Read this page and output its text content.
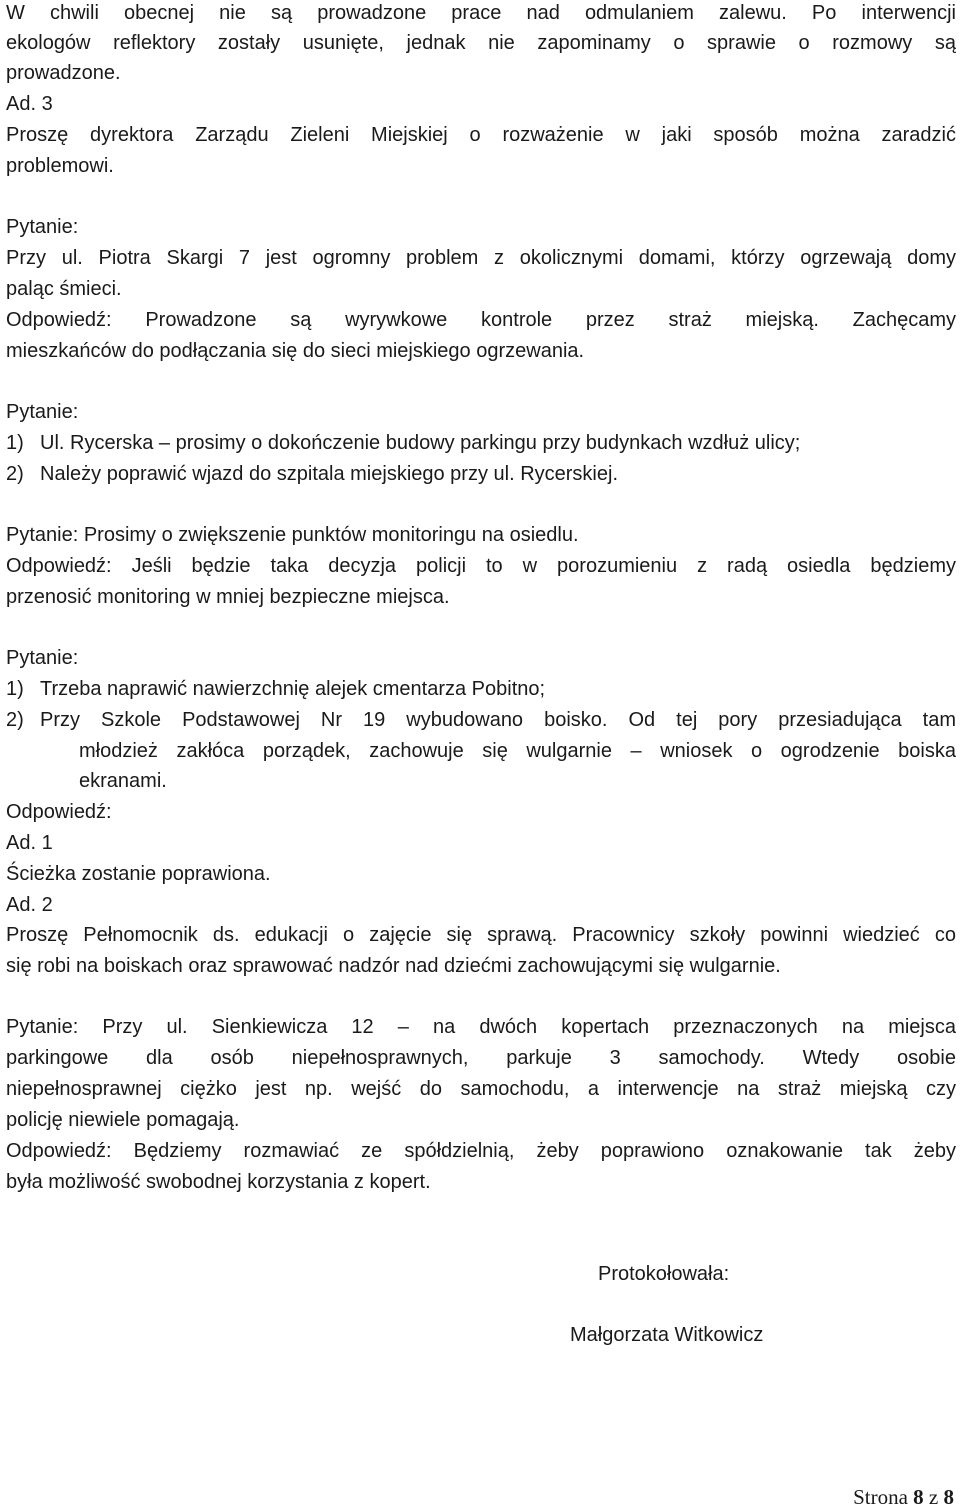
W chwili obecnej nie są prowadzone prace nad odmulaniem zalewu. Po interwencji
ekologów reflektory zostały usunięte, jednak nie zapominamy o sprawie o rozmowy są
prowadzone.
Ad. 3
Proszę dyrektora Zarządu Zieleni Miejskiej o rozważenie w jaki sposób można zaradzić
problemowi.
Pytanie:
Przy ul. Piotra Skargi 7 jest ogromny problem z okolicznymi domami, którzy ogrzewają domy
paląc śmieci.
Odpowiedź: Prowadzone są wyrywkowe kontrole przez straż miejską. Zachęcamy
mieszkańców do podłączania się do sieci miejskiego ogrzewania.
Pytanie:
1) Ul. Rycerska – prosimy o dokończenie budowy parkingu przy budynkach wzdłuż ulicy;
2) Należy poprawić wjazd do szpitala miejskiego przy ul. Rycerskiej.
Pytanie: Prosimy o zwiększenie punktów monitoringu na osiedlu.
Odpowiedź: Jeśli będzie taka decyzja policji to w porozumieniu z radą osiedla będziemy
przenosić monitoring w mniej bezpieczne miejsca.
Pytanie:
1) Trzeba naprawić nawierzchnię alejek cmentarza Pobitno;
2) Przy Szkole Podstawowej Nr 19 wybudowano boisko. Od tej pory przesiadująca tam
młodzież zakłóca porządek, zachowuje się wulgarnie – wniosek o ogrodzenie boiska
ekranami.
Odpowiedź:
Ad. 1
Ścieżka zostanie poprawiona.
Ad. 2
Proszę Pełnomocnik ds. edukacji o zajęcie się sprawą. Pracownicy szkoły powinni wiedzieć co
się robi na boiskach oraz sprawować nadzór nad dziećmi zachowującymi się wulgarnie.
Pytanie: Przy ul. Sienkiewicza 12 – na dwóch kopertach przeznaczonych na miejsca
parkingowe dla osób niepełnosprawnych, parkuje 3 samochody. Wtedy osobie
niepełnosprawnej ciężko jest np. wejść do samochodu, a interwencje na straż miejską czy
policję niewiele pomagają.
Odpowiedź: Będziemy rozmawiać ze spółdzielnią, żeby poprawiono oznakowanie tak żeby
była możliwość swobodnej korzystania z kopert.
Protokołowała:
Małgorzata Witkowicz
Strona 8 z 8
